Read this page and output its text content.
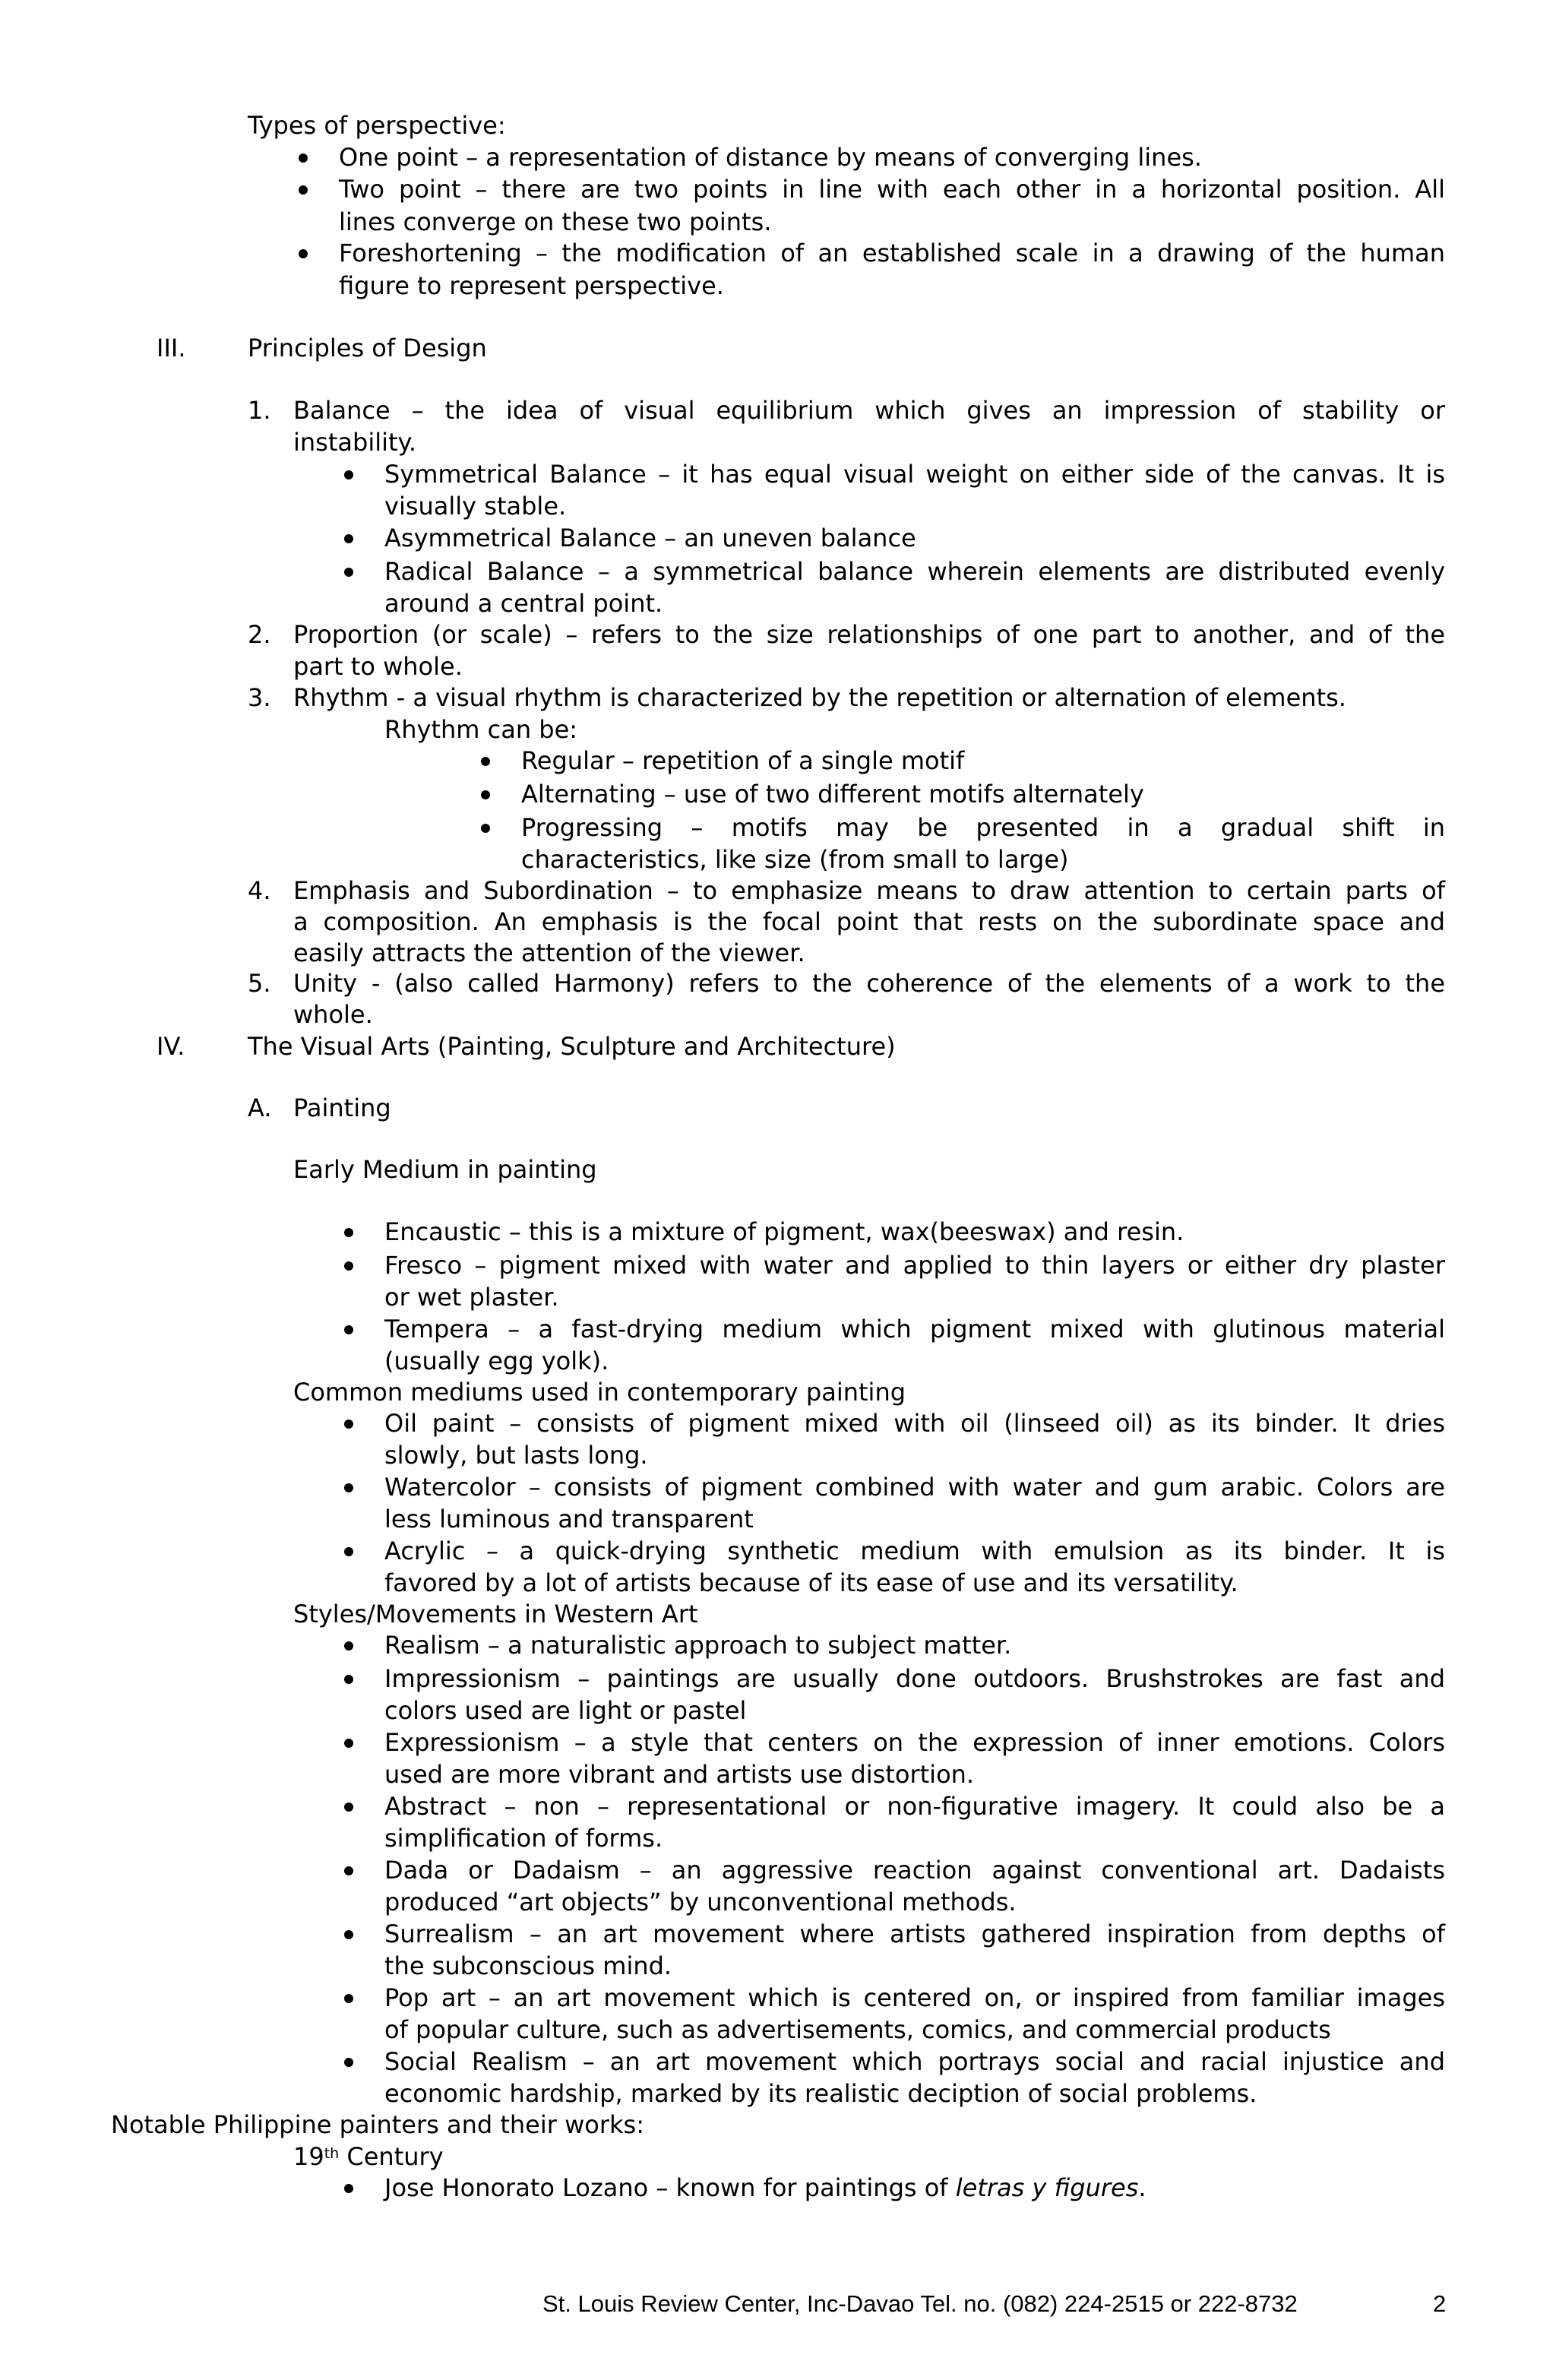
Types of perspective:
One point – a representation of distance by means of converging lines.
Two point – there are two points in line with each other in a horizontal position. All
lines converge on these two points.
Foreshortening – the modification of an established scale in a drawing of the human
figure to represent perspective.
III.	Principles of Design
1. Balance – the idea of visual equilibrium which gives an impression of stability or
instability.
Symmetrical Balance – it has equal visual weight on either side of the canvas. It is
visually stable.
Asymmetrical Balance – an uneven balance
Radical Balance – a symmetrical balance wherein elements are distributed evenly
around a central point.
2. Proportion (or scale) – refers to the size relationships of one part to another, and of the
part to whole.
3. Rhythm - a visual rhythm is characterized by the repetition or alternation of elements.
Rhythm can be:
Regular – repetition of a single motif
Alternating – use of two different motifs alternately
Progressing – motifs may be presented in a gradual shift in
characteristics, like size (from small to large)
4. Emphasis and Subordination – to emphasize means to draw attention to certain parts of
a composition. An emphasis is the focal point that rests on the subordinate space and
easily attracts the attention of the viewer.
5. Unity - (also called Harmony) refers to the coherence of the elements of a work to the
whole.
IV.	The Visual Arts (Painting, Sculpture and Architecture)
A. Painting
Early Medium in painting
Encaustic – this is a mixture of pigment, wax(beeswax) and resin.
Fresco – pigment mixed with water and applied to thin layers or either dry plaster
or wet plaster.
Tempera – a fast-drying medium which pigment mixed with glutinous material
(usually egg yolk).
Common mediums used in contemporary painting
Oil paint – consists of pigment mixed with oil (linseed oil) as its binder. It dries
slowly, but lasts long.
Watercolor – consists of pigment combined with water and gum arabic. Colors are
less luminous and transparent
Acrylic – a quick-drying synthetic medium with emulsion as its binder. It is
favored by a lot of artists because of its ease of use and its versatility.
Styles/Movements in Western Art
Realism – a naturalistic approach to subject matter.
Impressionism – paintings are usually done outdoors. Brushstrokes are fast and
colors used are light or pastel
Expressionism – a style that centers on the expression of inner emotions. Colors
used are more vibrant and artists use distortion.
Abstract – non – representational or non-figurative imagery. It could also be a
simplification of forms.
Dada or Dadaism – an aggressive reaction against conventional art. Dadaists
produced “art objects” by unconventional methods.
Surrealism – an art movement where artists gathered inspiration from depths of
the subconscious mind.
Pop art – an art movement which is centered on, or inspired from familiar images
of popular culture, such as advertisements, comics, and commercial products
Social Realism – an art movement which portrays social and racial injustice and
economic hardship, marked by its realistic deciption of social problems.
Notable Philippine painters and their works:
19th Century
Jose Honorato Lozano – known for paintings of letras y figures.
St. Louis Review Center, Inc-Davao Tel. no. (082) 224-2515 or 222-8732	2
